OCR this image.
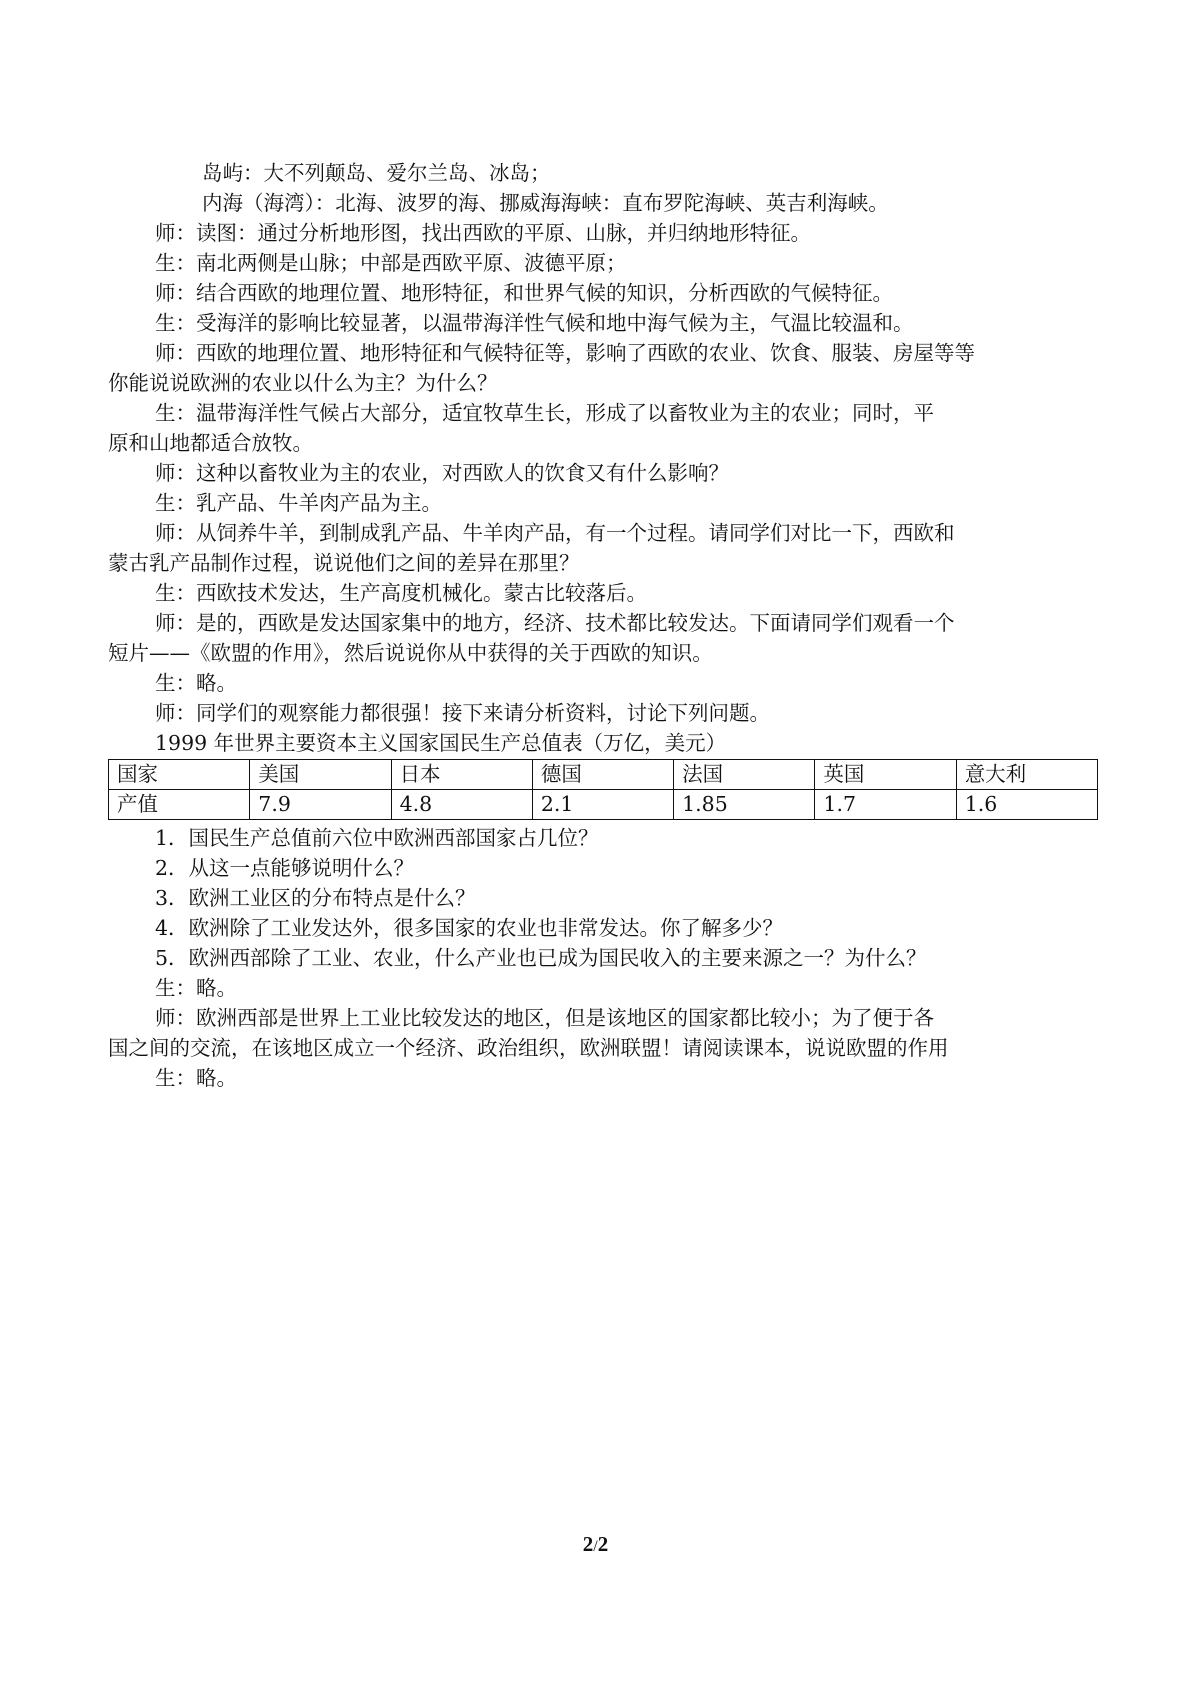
岛屿：大不列颠岛、爱尔兰岛、冰岛；
内海（海湾）：北海、波罗的海、挪威海海峡：直布罗陀海峡、英吉利海峡。
师：读图：通过分析地形图，找出西欧的平原、山脉，并归纳地形特征。
生：南北两侧是山脉；中部是西欧平原、波德平原；
师：结合西欧的地理位置、地形特征，和世界气候的知识，分析西欧的气候特征。
生：受海洋的影响比较显著，以温带海洋性气候和地中海气候为主，气温比较温和。
师：西欧的地理位置、地形特征和气候特征等，影响了西欧的农业、饮食、服装、房屋等等
你能说说欧洲的农业以什么为主？为什么？
生：温带海洋性气候占大部分，适宜牧草生长，形成了以畜牧业为主的农业；同时，平
原和山地都适合放牧。
师：这种以畜牧业为主的农业，对西欧人的饮食又有什么影响？
生：乳产品、牛羊肉产品为主。
师：从饲养牛羊，到制成乳产品、牛羊肉产品，有一个过程。请同学们对比一下，西欧和
蒙古乳产品制作过程，说说他们之间的差异在那里？
生：西欧技术发达，生产高度机械化。蒙古比较落后。
师：是的，西欧是发达国家集中的地方，经济、技术都比较发达。下面请同学们观看一个
短片——《欧盟的作用》，然后说说你从中获得的关于西欧的知识。
生：略。
师：同学们的观察能力都很强！接下来请分析资料，讨论下列问题。
1999 年世界主要资本主义国家国民生产总值表（万亿，美元）
国家	美国	日本	德国	法国	英国	意大利
产值	7.9	4.8	2.1	1.85	1.7	1.6
1．国民生产总值前六位中欧洲西部国家占几位？
2．从这一点能够说明什么？
3．欧洲工业区的分布特点是什么？
4．欧洲除了工业发达外，很多国家的农业也非常发达。你了解多少？
5．欧洲西部除了工业、农业，什么产业也已成为国民收入的主要来源之一？为什么？
生：略。
师：欧洲西部是世界上工业比较发达的地区，但是该地区的国家都比较小；为了便于各
国之间的交流，在该地区成立一个经济、政治组织，欧洲联盟！请阅读课本，说说欧盟的作用
生：略。
2/2
